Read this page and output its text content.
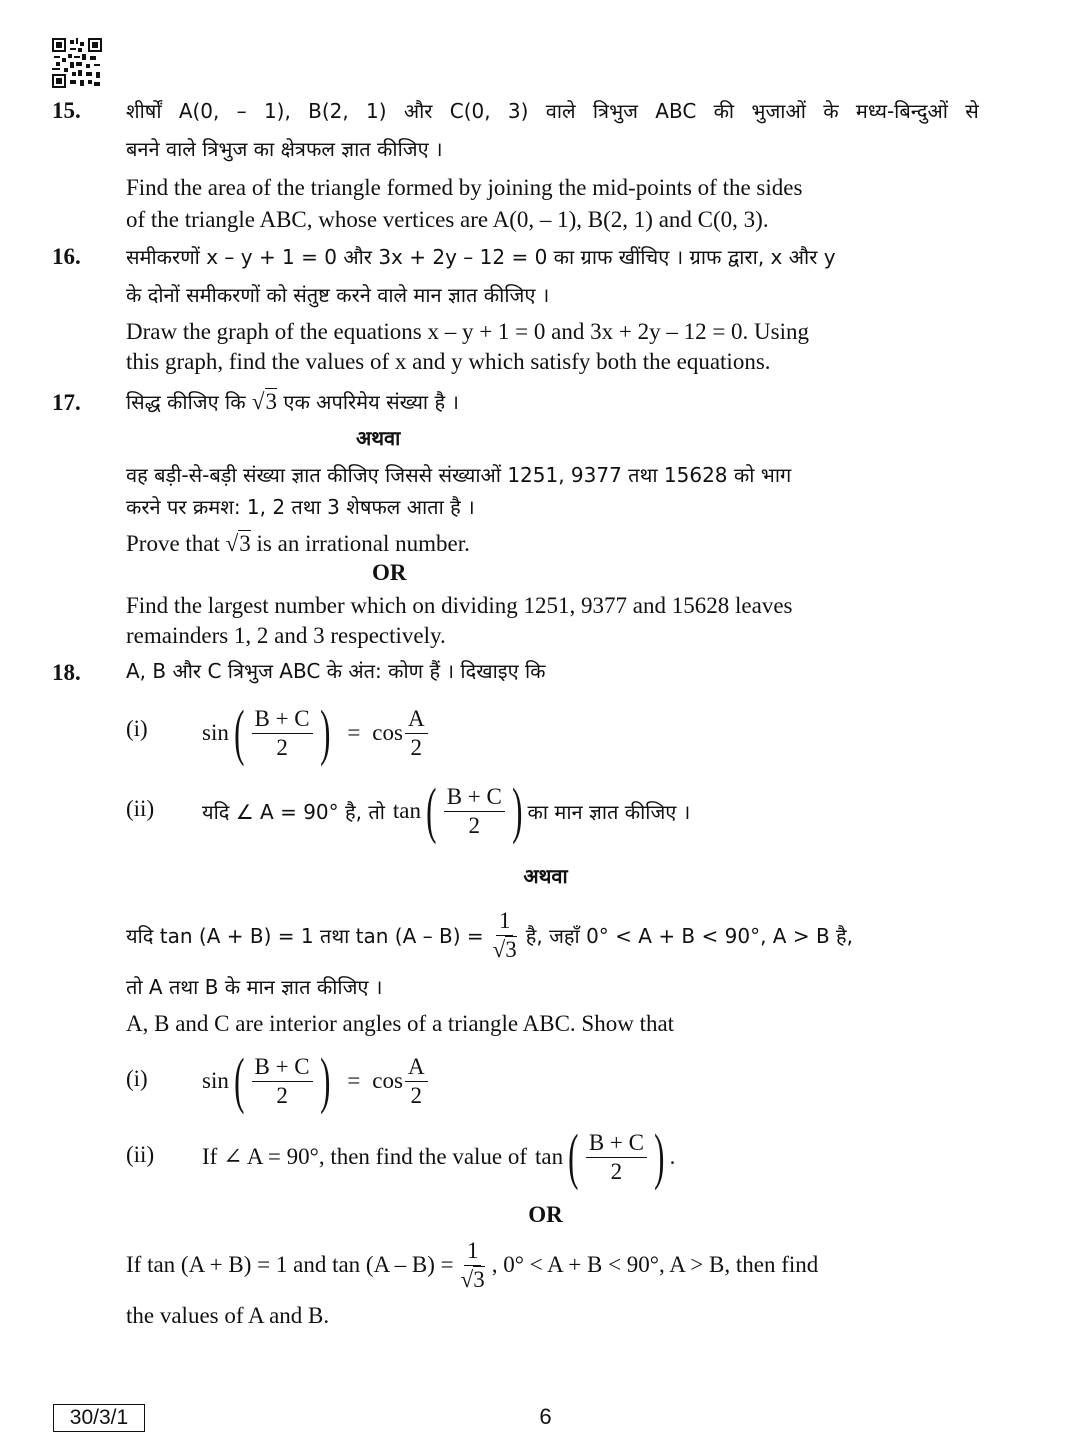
15. शीर्षों A(0, – 1), B(2, 1) और C(0, 3) वाले त्रिभुज ABC की भुजाओं के मध्य-बिन्दुओं से
बनने वाले त्रिभुज का क्षेत्रफल ज्ञात कीजिए ।
Find the area of the triangle formed by joining the mid-points of the sides
of the triangle ABC, whose vertices are A(0, – 1), B(2, 1) and C(0, 3).
16. समीकरणों x – y + 1 = 0 और 3x + 2y – 12 = 0 का ग्राफ खींचिए । ग्राफ द्वारा, x और y
के दोनों समीकरणों को संतुष्ट करने वाले मान ज्ञात कीजिए ।
Draw the graph of the equations x – y + 1 = 0 and 3x + 2y – 12 = 0. Using
this graph, find the values of x and y which satisfy both the equations.
17. सिद्ध कीजिए कि √3 एक अपरिमेय संख्या है ।
अथवा
वह बड़ी-से-बड़ी संख्या ज्ञात कीजिए जिससे संख्याओं 1251, 9377 तथा 15628 को भाग
करने पर क्रमश: 1, 2 तथा 3 शेषफल आता है ।
Prove that √3 is an irrational number.
OR
Find the largest number which on dividing 1251, 9377 and 15628 leaves
remainders 1, 2 and 3 respectively.
18. A, B और C त्रिभुज ABC के अंत: कोण हैं । दिखाइए कि
(i) sin ( $\frac{B + C}{2}$ ) = $\cos \frac{A}{2}$
(ii) यदि ∠ A = 90° है, तो tan ( $\frac{B + C}{2}$ ) का मान ज्ञात कीजिए ।
अथवा
यदि tan (A + B) = 1 तथा $\tan (A - B) = \frac{1}{√3}$ है, जहाँ 0° < A + B < 90°, A > B है,
तो A तथा B के मान ज्ञात कीजिए ।
A, B and C are interior angles of a triangle ABC. Show that
(i) sin ( $\frac{B + C}{2}$ ) = $\cos \frac{A}{2}$
(ii) If ∠ A = 90°, then find the value of tan ( $\frac{B + C}{2}$ ) .
OR
If tan (A + B) = 1 and $\tan (A - B) = \frac{1}{√3}$ , 0° < A + B < 90°, A > B, then find
the values of A and B.
30/3/1	6
